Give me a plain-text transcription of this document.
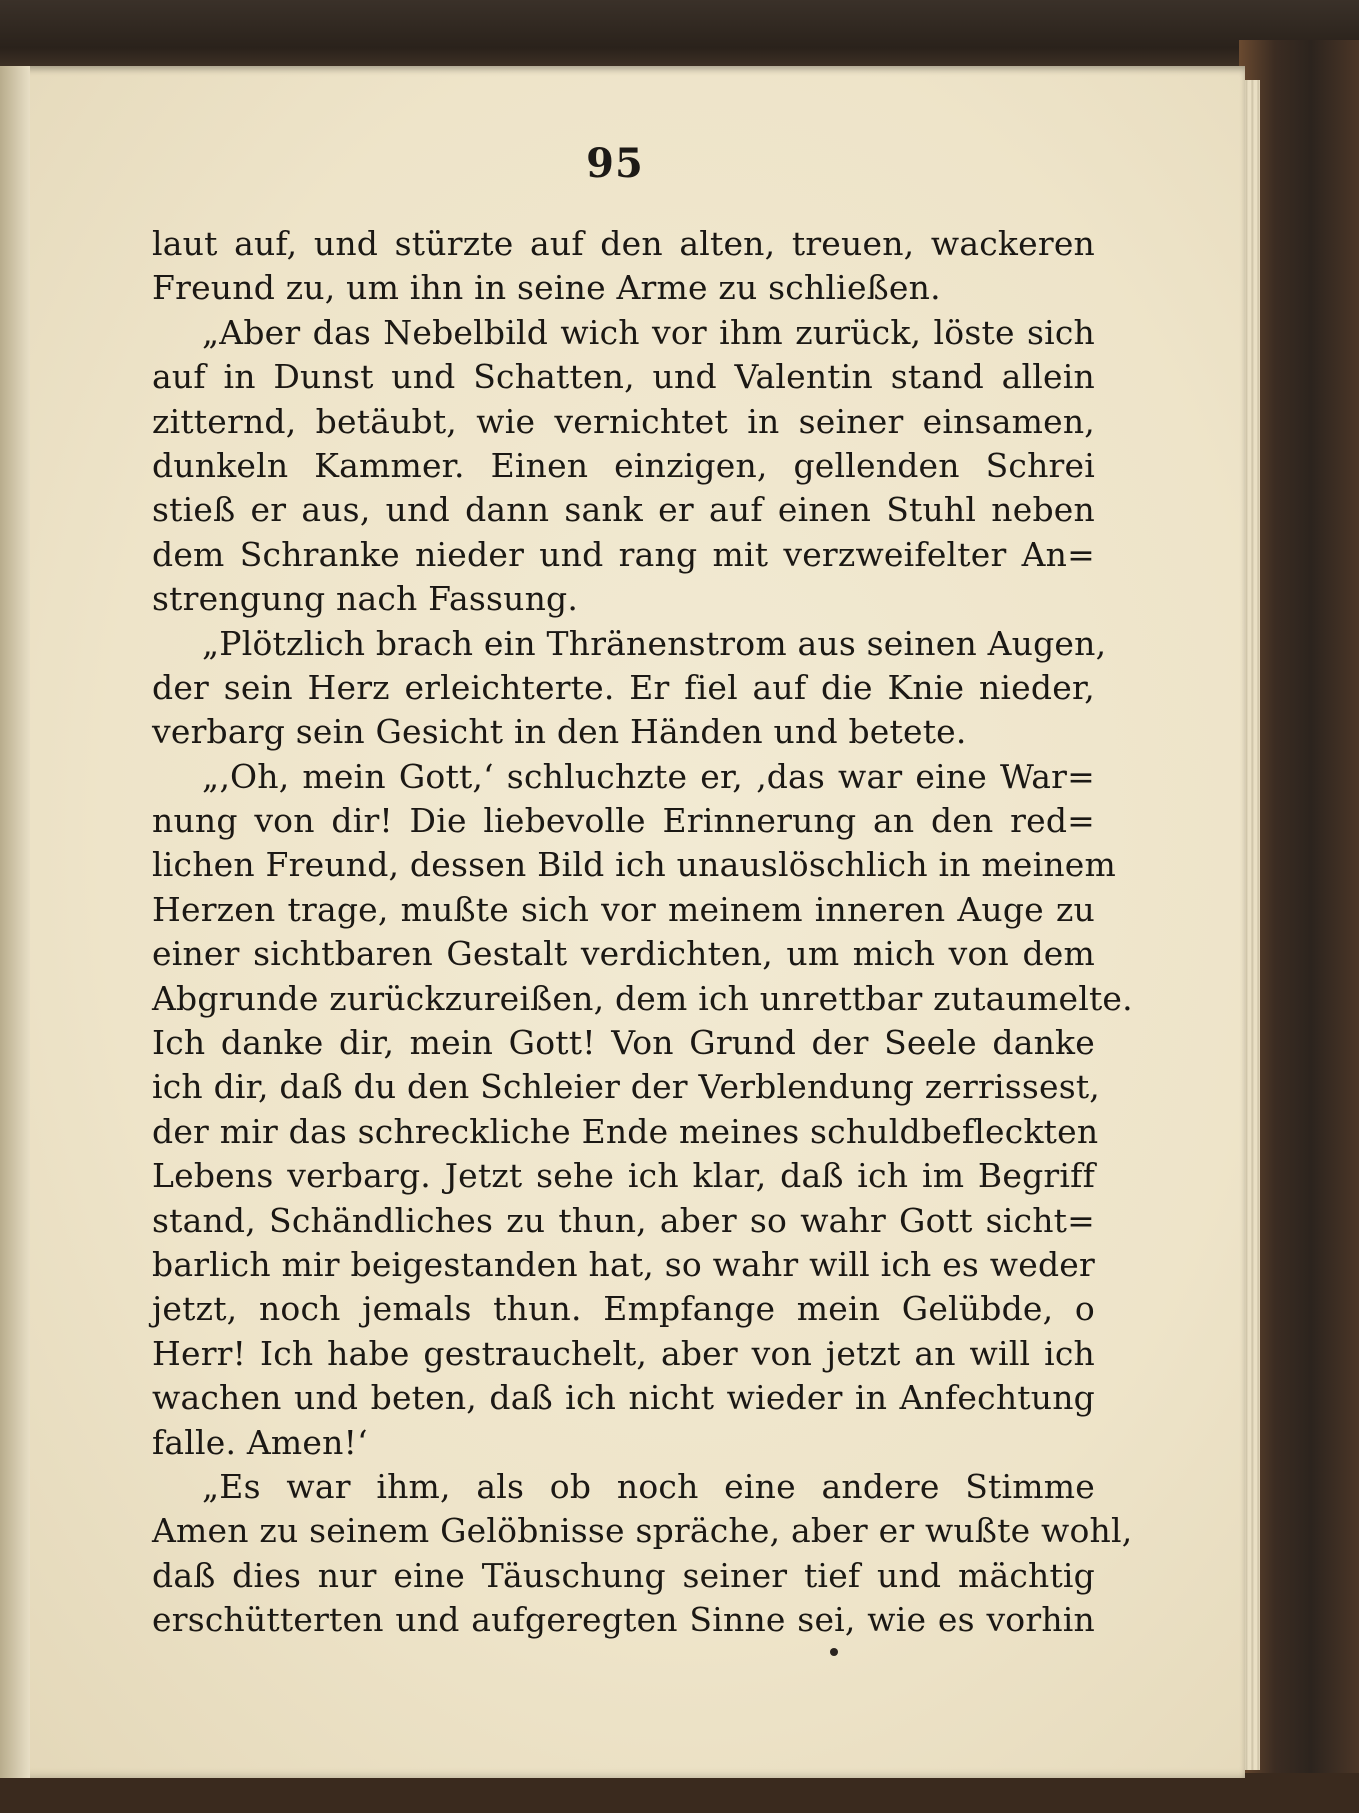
95
laut auf, und stürzte auf den alten, treuen, wackeren
Freund zu, um ihn in seine Arme zu schließen.
„Aber das Nebelbild wich vor ihm zurück, löste sich
auf in Dunst und Schatten, und Valentin stand allein
zitternd, betäubt, wie vernichtet in seiner einsamen,
dunkeln Kammer. Einen einzigen, gellenden Schrei
stieß er aus, und dann sank er auf einen Stuhl neben
dem Schranke nieder und rang mit verzweifelter An=
strengung nach Fassung.
„Plötzlich brach ein Thränenstrom aus seinen Augen,
der sein Herz erleichterte. Er fiel auf die Knie nieder,
verbarg sein Gesicht in den Händen und betete.
„‚Oh, mein Gott,‘ schluchzte er, ‚das war eine War=
nung von dir! Die liebevolle Erinnerung an den red=
lichen Freund, dessen Bild ich unauslöschlich in meinem
Herzen trage, mußte sich vor meinem inneren Auge zu
einer sichtbaren Gestalt verdichten, um mich von dem
Abgrunde zurückzureißen, dem ich unrettbar zutaumelte.
Ich danke dir, mein Gott! Von Grund der Seele danke
ich dir, daß du den Schleier der Verblendung zerrissest,
der mir das schreckliche Ende meines schuldbefleckten
Lebens verbarg. Jetzt sehe ich klar, daß ich im Begriff
stand, Schändliches zu thun, aber so wahr Gott sicht=
barlich mir beigestanden hat, so wahr will ich es weder
jetzt, noch jemals thun. Empfange mein Gelübde, o
Herr! Ich habe gestrauchelt, aber von jetzt an will ich
wachen und beten, daß ich nicht wieder in Anfechtung
falle. Amen!‘
„Es war ihm, als ob noch eine andere Stimme
Amen zu seinem Gelöbnisse spräche, aber er wußte wohl,
daß dies nur eine Täuschung seiner tief und mächtig
erschütterten und aufgeregten Sinne sei, wie es vorhin
